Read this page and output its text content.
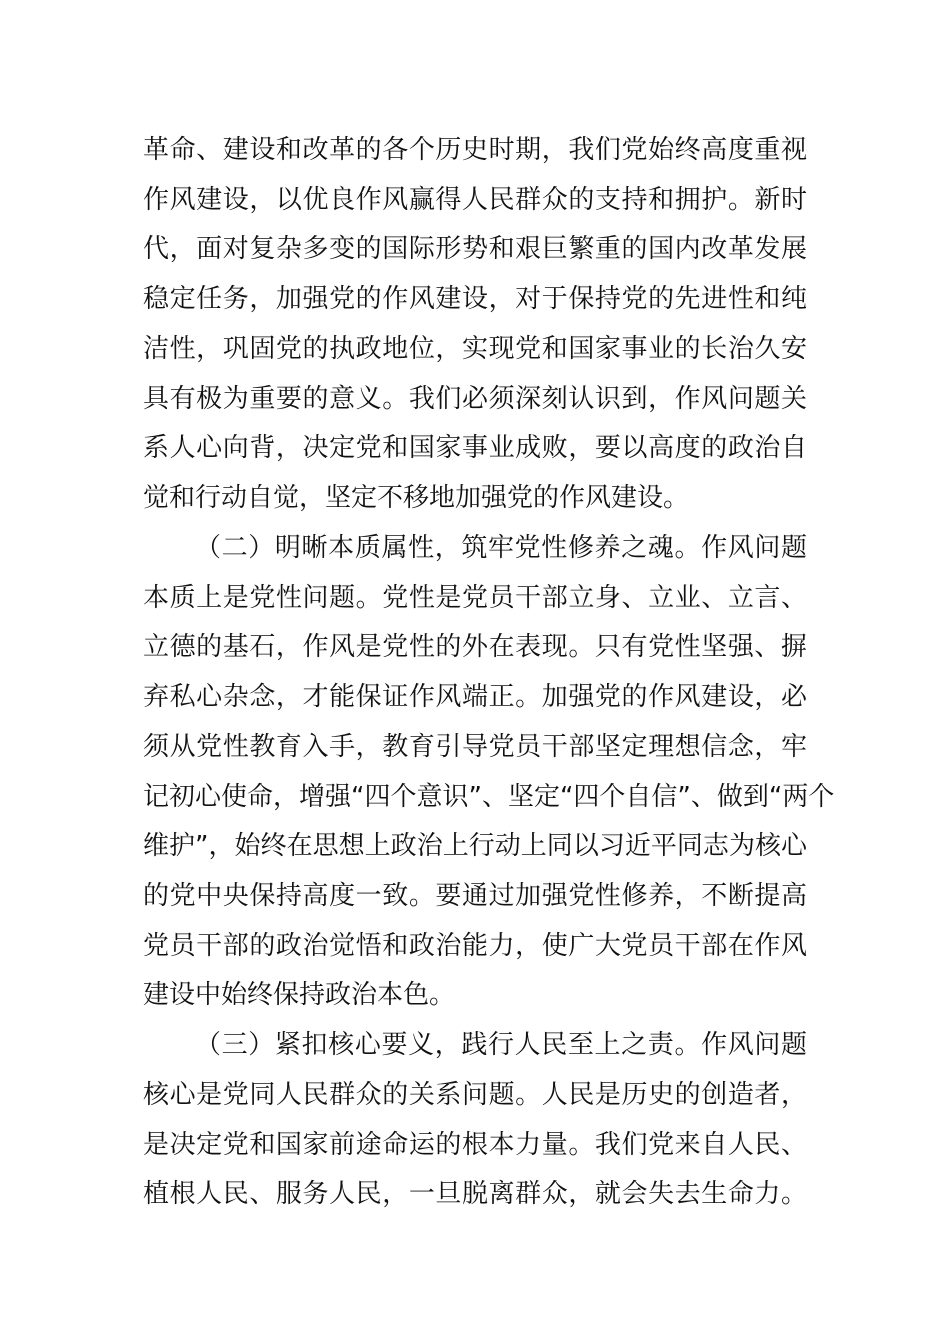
革命、建设和改革的各个历史时期，我们党始终高度重视
作风建设，以优良作风赢得人民群众的支持和拥护。新时
代，面对复杂多变的国际形势和艰巨繁重的国内改革发展
稳定任务，加强党的作风建设，对于保持党的先进性和纯
洁性，巩固党的执政地位，实现党和国家事业的长治久安
具有极为重要的意义。我们必须深刻认识到，作风问题关
系人心向背，决定党和国家事业成败，要以高度的政治自
觉和行动自觉，坚定不移地加强党的作风建设。
（二）明晰本质属性，筑牢党性修养之魂。作风问题
本质上是党性问题。党性是党员干部立身、立业、立言、
立德的基石，作风是党性的外在表现。只有党性坚强、摒
弃私心杂念，才能保证作风端正。加强党的作风建设，必
须从党性教育入手，教育引导党员干部坚定理想信念，牢
记初心使命，增强“四个意识”、坚定“四个自信”、做到“两个
维护”，始终在思想上政治上行动上同以习近平同志为核心
的党中央保持高度一致。要通过加强党性修养，不断提高
党员干部的政治觉悟和政治能力，使广大党员干部在作风
建设中始终保持政治本色。
（三）紧扣核心要义，践行人民至上之责。作风问题
核心是党同人民群众的关系问题。人民是历史的创造者，
是决定党和国家前途命运的根本力量。我们党来自人民、
植根人民、服务人民，一旦脱离群众，就会失去生命力。
